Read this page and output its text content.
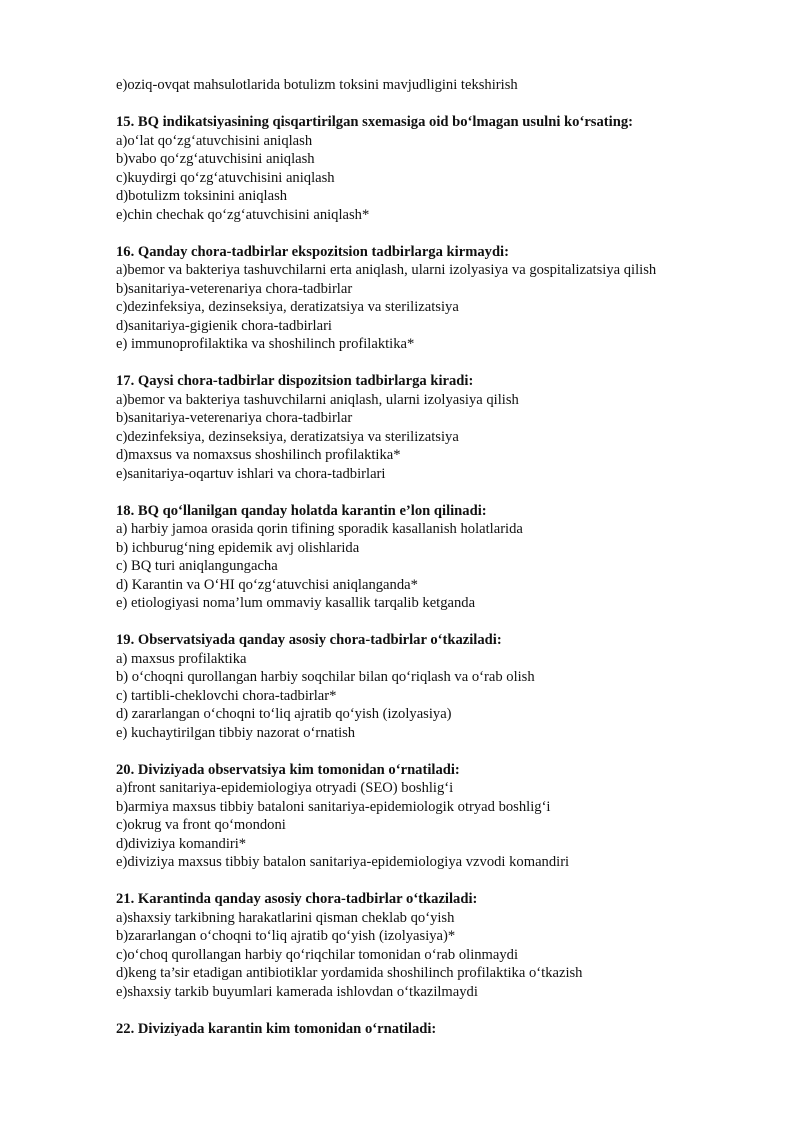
e)oziq-ovqat mahsulotlarida botulizm toksini mavjudligini tekshirish
15. BQ indikatsiyasining qisqartirilgan sxemasiga oid bo‘lmagan usulni ko‘rsating:
a)o‘lat qo‘zg‘atuvchisini aniqlash
b)vabo qo‘zg‘atuvchisini aniqlash
c)kuydirgi qo‘zg‘atuvchisini aniqlash
d)botulizm toksinini aniqlash
e)chin chechak qo‘zg‘atuvchisini aniqlash*
16. Qanday chora-tadbirlar ekspozitsion tadbirlarga kirmaydi:
a)bemor va bakteriya tashuvchilarni erta aniqlash, ularni izolyasiya va gospitalizatsiya qilish
b)sanitariya-veterenariya chora-tadbirlar
c)dezinfeksiya, dezinseksiya, deratizatsiya va sterilizatsiya
d)sanitariya-gigienik chora-tadbirlari
e) immunoprofilaktika va shoshilinch profilaktika*
17. Qaysi chora-tadbirlar dispozitsion tadbirlarga kiradi:
a)bemor va bakteriya tashuvchilarni aniqlash, ularni izolyasiya qilish
b)sanitariya-veterenariya chora-tadbirlar
c)dezinfeksiya, dezinseksiya, deratizatsiya va sterilizatsiya
d)maxsus va nomaxsus shoshilinch profilaktika*
e)sanitariya-oqartuv ishlari va chora-tadbirlari
18. BQ qo‘llanilgan qanday holatda karantin e’lon qilinadi:
a) harbiy jamoa orasida qorin tifining sporadik kasallanish holatlarida
b) ichburug‘ning epidemik avj olishlarida
c) BQ turi aniqlangungacha
d) Karantin va O‘HI qo‘zg‘atuvchisi aniqlanganda*
e) etiologiyasi noma’lum ommaviy kasallik tarqalib ketganda
19. Observatsiyada qanday asosiy chora-tadbirlar o‘tkaziladi:
a) maxsus profilaktika
b) o‘choqni qurollangan harbiy soqchilar bilan qo‘riqlash va o‘rab olish
c) tartibli-cheklovchi chora-tadbirlar*
d) zararlangan o‘choqni to‘liq ajratib qo‘yish (izolyasiya)
e) kuchaytirilgan tibbiy nazorat o‘rnatish
20. Diviziyada observatsiya kim tomonidan o‘rnatiladi:
a)front sanitariya-epidemiologiya otryadi (SEO) boshlig‘i
b)armiya maxsus tibbiy bataloni sanitariya-epidemiologik otryad boshlig‘i
c)okrug va front qo‘mondoni
d)diviziya komandiri*
e)diviziya maxsus tibbiy batalon sanitariya-epidemiologiya vzvodi komandiri
21. Karantinda qanday asosiy chora-tadbirlar o‘tkaziladi:
a)shaxsiy tarkibning harakatlarini qisman cheklab qo‘yish
b)zararlangan o‘choqni to‘liq ajratib qo‘yish (izolyasiya)*
c)o‘choq qurollangan harbiy qo‘riqchilar tomonidan o‘rab olinmaydi
d)keng ta’sir etadigan antibiotiklar yordamida shoshilinch profilaktika o‘tkazish
e)shaxsiy tarkib buyumlari kamerada ishlovdan o‘tkazilmaydi
22. Diviziyada karantin kim tomonidan o‘rnatiladi:
